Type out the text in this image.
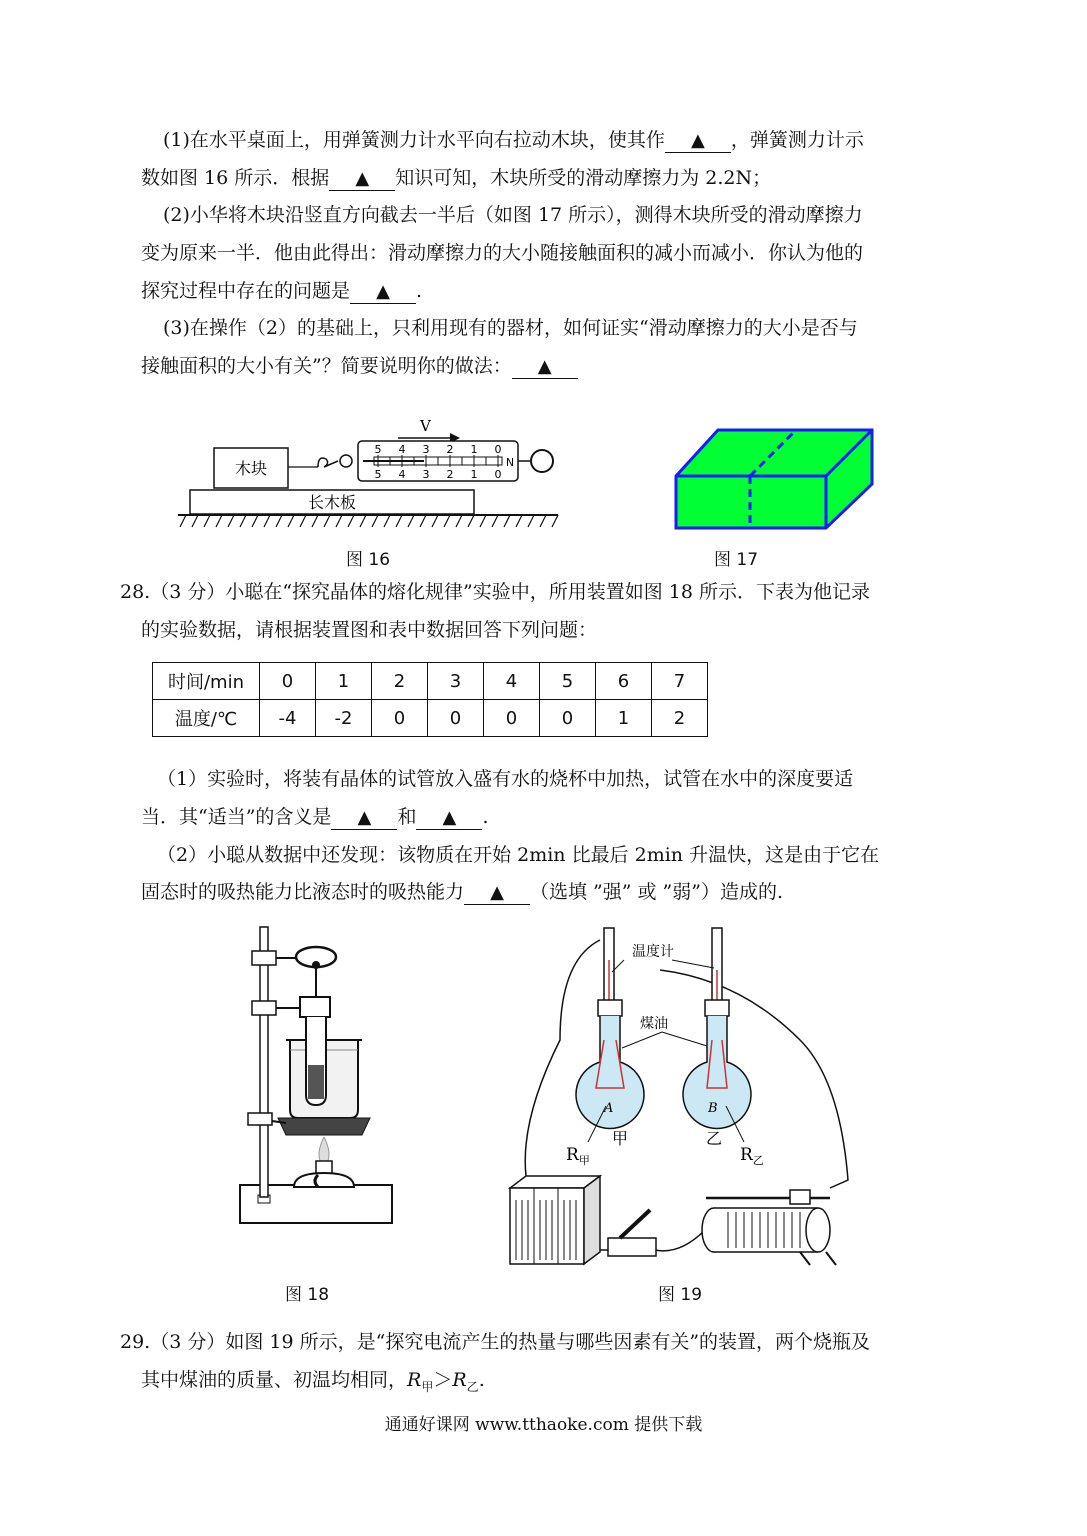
(1)在水平桌面上，用弹簧测力计水平向右拉动木块，使其作 ▲ ，弹簧测力计示
数如图 16 所示．根据 ▲ 知识可知，木块所受的滑动摩擦力为 2.2N；
(2)小华将木块沿竖直方向截去一半后（如图 17 所示），测得木块所受的滑动摩擦力
变为原来一半．他由此得出：滑动摩擦力的大小随接触面积的减小而减小．你认为他的
探究过程中存在的问题是 ▲ .
(3)在操作（2）的基础上，只利用现有的器材，如何证实“滑动摩擦力的大小是否与
接触面积的大小有关”？简要说明你的做法： ▲
V
木块
长木板
5 4 3 2 1 0
5 4 3 2 1 0
N
图 16	图 17
28.（3 分）小聪在“探究晶体的熔化规律”实验中，所用装置如图 18 所示．下表为他记录
的实验数据，请根据装置图和表中数据回答下列问题：
时间/min	0	1	2	3	4	5	6	7
温度/℃	-4	-2	0	0	0	0	1	2
（1）实验时，将装有晶体的试管放入盛有水的烧杯中加热，试管在水中的深度要适
当．其“适当”的含义是 ▲ 和 ▲ .
（2）小聪从数据中还发现：该物质在开始 2min 比最后 2min 升温快，这是由于它在
固态时的吸热能力比液态时的吸热能力 ▲ （选填 ”强” 或 ”弱”）造成的.
图 18
温度计
A	B
煤油
$R_甲$
甲	乙
$R_乙$
图 19
29.（3 分）如图 19 所示，是“探究电流产生的热量与哪些因素有关”的装置，两个烧瓶及
其中煤油的质量、初温均相同，$R_甲>R_乙$.
通通好课网 www.tthaoke.com 提供下载
